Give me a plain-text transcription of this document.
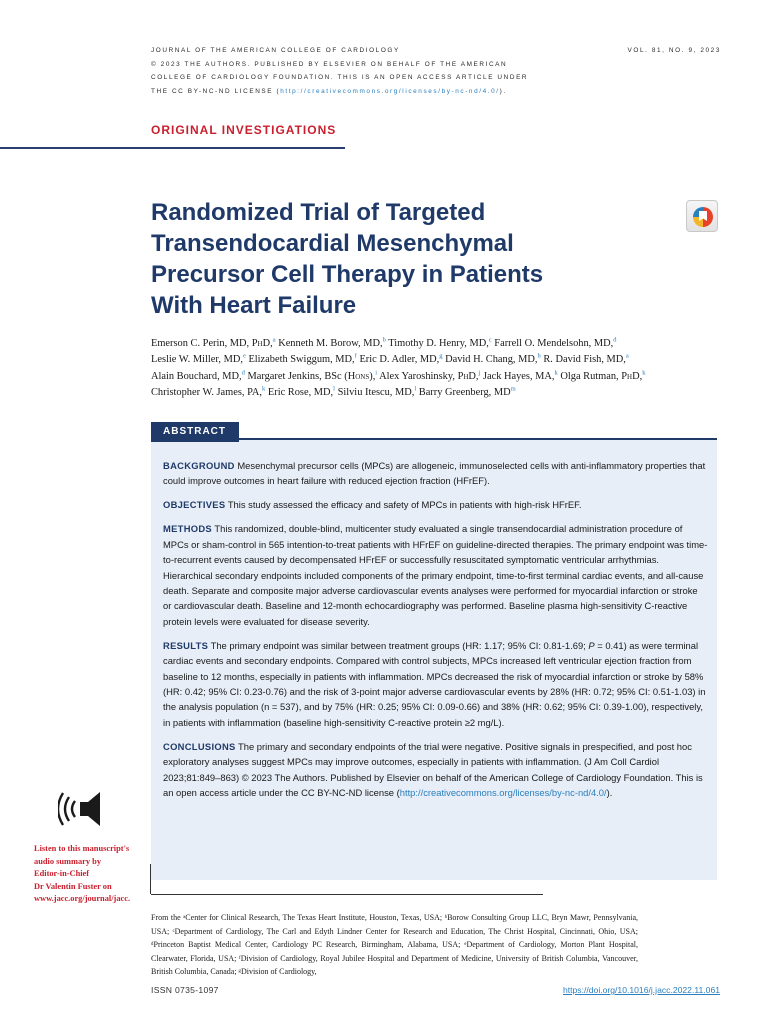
JOURNAL OF THE AMERICAN COLLEGE OF CARDIOLOGY	VOL. 81, NO. 9, 2023
© 2023 THE AUTHORS. PUBLISHED BY ELSEVIER ON BEHALF OF THE AMERICAN
COLLEGE OF CARDIOLOGY FOUNDATION. THIS IS AN OPEN ACCESS ARTICLE UNDER
THE CC BY-NC-ND LICENSE (http://creativecommons.org/licenses/by-nc-nd/4.0/).
ORIGINAL INVESTIGATIONS
Randomized Trial of Targeted
Transendocardial Mesenchymal
Precursor Cell Therapy in Patients
With Heart Failure
Emerson C. Perin, MD, PhD,$^a$ Kenneth M. Borow, MD,$^b$ Timothy D. Henry, MD,$^c$ Farrell O. Mendelsohn, MD,$^d$
Leslie W. Miller, MD,$^e$ Elizabeth Swiggum, MD,$^f$ Eric D. Adler, MD,$^g$ David H. Chang, MD,$^h$ R. David Fish, MD,$^a$
Alain Bouchard, MD,$^d$ Margaret Jenkins, BSc (Hons),$^i$ Alex Yaroshinsky, PhD,$^j$ Jack Hayes, MA,$^k$ Olga Rutman, PhD,$^k$
Christopher W. James, PA,$^k$ Eric Rose, MD,$^l$ Silviu Itescu, MD,$^l$ Barry Greenberg, $MD^m$
ABSTRACT

BACKGROUND Mesenchymal precursor cells (MPCs) are allogeneic, immunoselected cells with anti-inflammatory properties that could improve outcomes in heart failure with reduced ejection fraction (HFrEF).

OBJECTIVES This study assessed the efficacy and safety of MPCs in patients with high-risk HFrEF.

METHODS This randomized, double-blind, multicenter study evaluated a single transendocardial administration procedure of MPCs or sham-control in 565 intention-to-treat patients with HFrEF on guideline-directed therapies. The primary endpoint was time-to-recurrent events caused by decompensated HFrEF or successfully resuscitated symptomatic ventricular arrhythmias. Hierarchical secondary endpoints included components of the primary endpoint, time-to-first terminal cardiac events, and all-cause death. Separate and composite major adverse cardiovascular events analyses were performed for myocardial infarction or stroke or cardiovascular death. Baseline and 12-month echocardiography was performed. Baseline plasma high-sensitivity C-reactive protein levels were evaluated for disease severity.

RESULTS The primary endpoint was similar between treatment groups (HR: 1.17; 95% CI: 0.81-1.69; P = 0.41) as were terminal cardiac events and secondary endpoints. Compared with control subjects, MPCs increased left ventricular ejection fraction from baseline to 12 months, especially in patients with inflammation. MPCs decreased the risk of myocardial infarction or stroke by 58% (HR: 0.42; 95% CI: 0.23-0.76) and the risk of 3-point major adverse cardiovascular events by 28% (HR: 0.72; 95% CI: 0.51-1.03) in the analysis population (n = 537), and by 75% (HR: 0.25; 95% CI: 0.09-0.66) and 38% (HR: 0.62; 95% CI: 0.39-1.00), respectively, in patients with inflammation (baseline high-sensitivity C-reactive protein ≥2 mg/L).

CONCLUSIONS The primary and secondary endpoints of the trial were negative. Positive signals in prespecified, and post hoc exploratory analyses suggest MPCs may improve outcomes, especially in patients with inflammation. (J Am Coll Cardiol 2023;81:849–863) © 2023 The Authors. Published by Elsevier on behalf of the American College of Cardiology Foundation. This is an open access article under the CC BY-NC-ND license (http://creativecommons.org/licenses/by-nc-nd/4.0/).

Listen to this manuscript's
audio summary by
Editor-in-Chief
Dr Valentin Fuster on
www.jacc.org/journal/jacc.
From the ᵃCenter for Clinical Research, The Texas Heart Institute, Houston, Texas, USA; ᵇBorow Consulting Group LLC, Bryn Mawr, Pennsylvania, USA; ᶜDepartment of Cardiology, The Carl and Edyth Lindner Center for Research and Education, The Christ Hospital, Cincinnati, Ohio, USA; ᵈPrinceton Baptist Medical Center, Cardiology PC Research, Birmingham, Alabama, USA; ᵉDepartment of Cardiology, Morton Plant Hospital, Clearwater, Florida, USA; ᶠDivision of Cardiology, Royal Jubilee Hospital and Department of Medicine, University of British Columbia, Vancouver, British Columbia, Canada; ᵍDivision of Cardiology,
ISSN 0735-1097	https://doi.org/10.1016/j.jacc.2022.11.061
